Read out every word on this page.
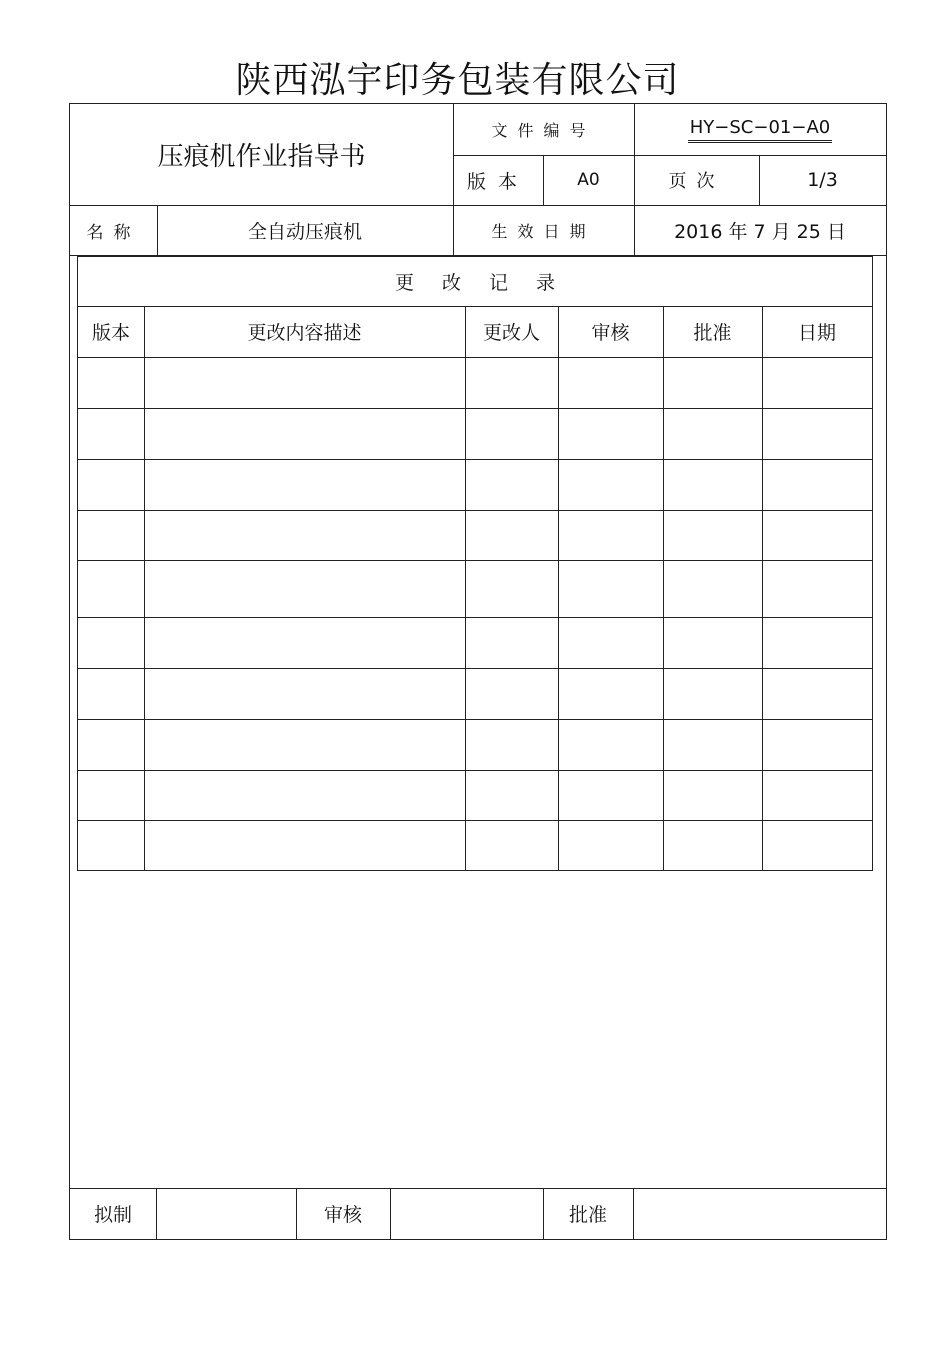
陕西泓宇印务包装有限公司
压痕机作业指导书
文件编号	HY−SC−01−A0
版本	A0	页次	1/3
名称	全自动压痕机	生效日期	2016 年 7 月 25 日
拟制	审核	批准
更改记录
版本	更改内容描述	更改人	审核	批准	日期
